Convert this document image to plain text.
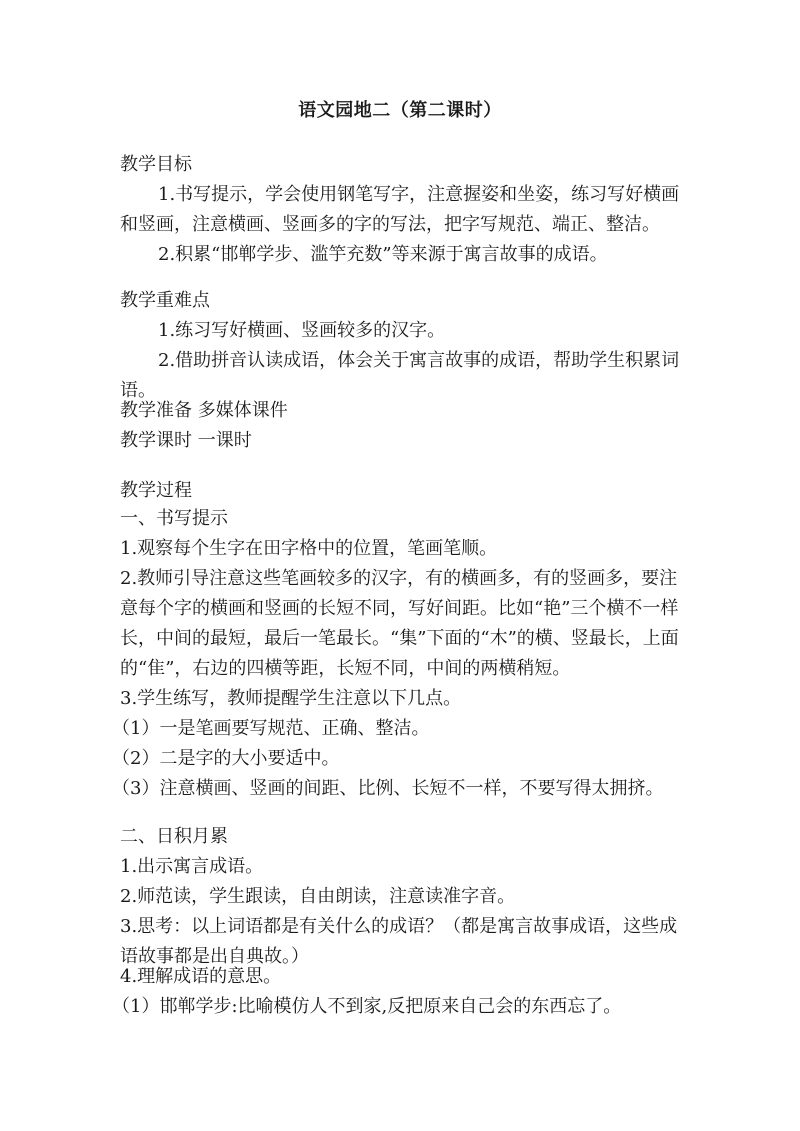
语文园地二（第二课时）
教学目标
1.书写提示，学会使用钢笔写字，注意握姿和坐姿，练习写好横画和竖画，注意横画、竖画多的字的写法，把字写规范、端正、整洁。
2.积累“邯郸学步、滥竽充数”等来源于寓言故事的成语。
教学重难点
1.练习写好横画、竖画较多的汉字。
2.借助拼音认读成语，体会关于寓言故事的成语，帮助学生积累词语。
教学准备 多媒体课件
教学课时 一课时
教学过程
一、书写提示
1.观察每个生字在田字格中的位置，笔画笔顺。
2.教师引导注意这些笔画较多的汉字，有的横画多，有的竖画多，要注意每个字的横画和竖画的长短不同，写好间距。比如“艳”三个横不一样长，中间的最短，最后一笔最长。“集”下面的“木”的横、竖最长，上面的“隹”，右边的四横等距，长短不同，中间的两横稍短。
3.学生练写，教师提醒学生注意以下几点。
（1）一是笔画要写规范、正确、整洁。
（2）二是字的大小要适中。
（3）注意横画、竖画的间距、比例、长短不一样，不要写得太拥挤。
二、日积月累
1.出示寓言成语。
2.师范读，学生跟读，自由朗读，注意读准字音。
3.思考：以上词语都是有关什么的成语？（都是寓言故事成语，这些成语故事都是出自典故。）
4.理解成语的意思。
（1）邯郸学步:比喻模仿人不到家,反把原来自己会的东西忘了。
